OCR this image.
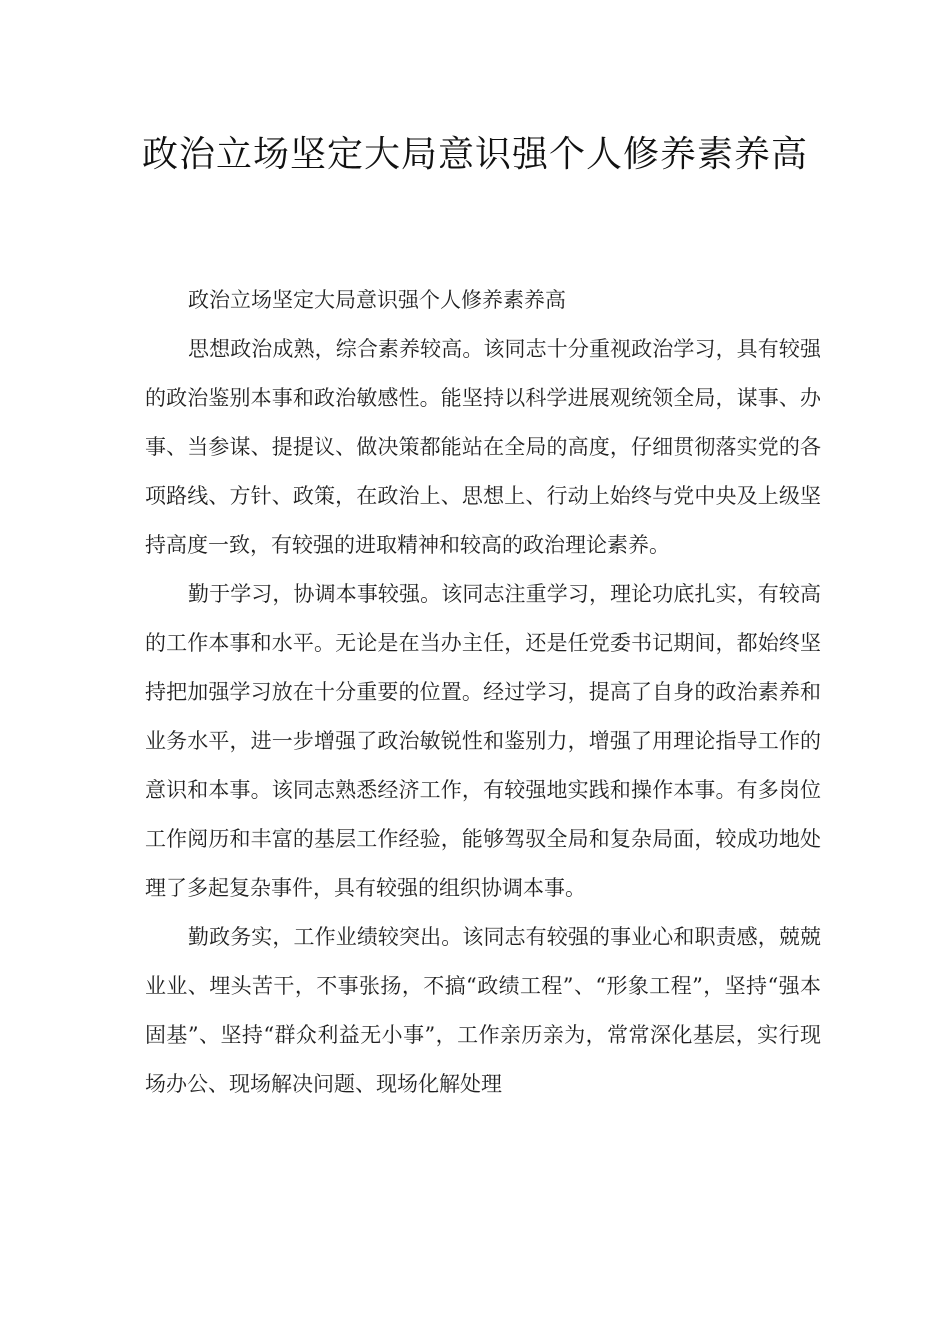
政治立场坚定大局意识强个人修养素养高

政治立场坚定大局意识强个人修养素养高

思想政治成熟，综合素养较高。该同志十分重视政治学习，具有较强的政治鉴别本事和政治敏感性。能坚持以科学进展观统领全局，谋事、办事、当参谋、提提议、做决策都能站在全局的高度，仔细贯彻落实党的各项路线、方针、政策，在政治上、思想上、行动上始终与党中央及上级坚持高度一致，有较强的进取精神和较高的政治理论素养。

勤于学习，协调本事较强。该同志注重学习，理论功底扎实，有较高的工作本事和水平。无论是在当办主任，还是任党委书记期间，都始终坚持把加强学习放在十分重要的位置。经过学习，提高了自身的政治素养和业务水平，进一步增强了政治敏锐性和鉴别力，增强了用理论指导工作的意识和本事。该同志熟悉经济工作，有较强地实践和操作本事。有多岗位工作阅历和丰富的基层工作经验，能够驾驭全局和复杂局面，较成功地处理了多起复杂事件，具有较强的组织协调本事。

勤政务实，工作业绩较突出。该同志有较强的事业心和职责感，兢兢业业、埋头苦干，不事张扬，不搞“政绩工程”、“形象工程”，坚持“强本固基”、坚持“群众利益无小事”，工作亲历亲为，常常深化基层，实行现场办公、现场解决问题、现场化解处理
